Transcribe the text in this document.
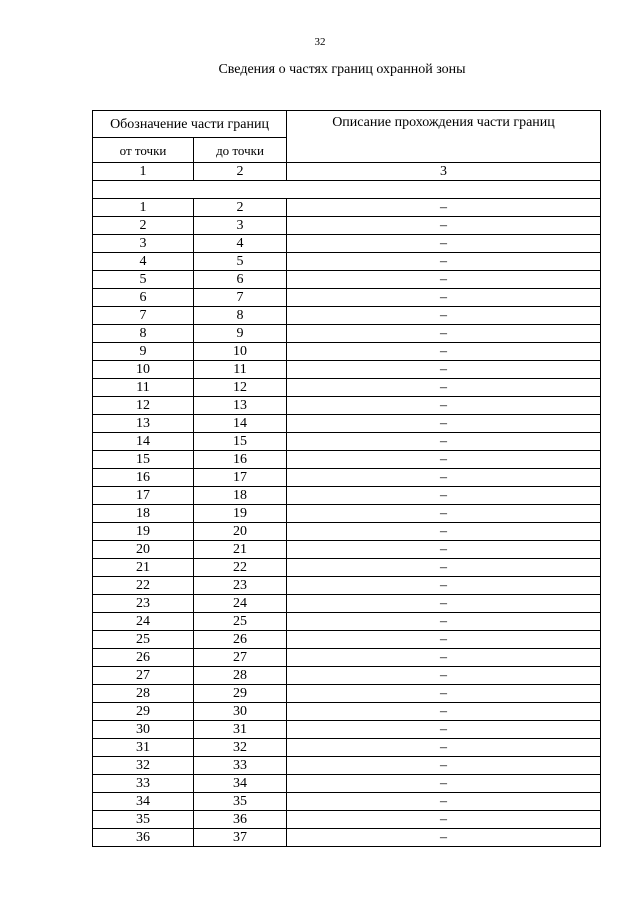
32
Сведения о частях границ охранной зоны
Обозначение части границ		Описание прохождения части границ
от точки	до точки	
1	2	3

1	2	–
2	3	–
3	4	–
4	5	–
5	6	–
6	7	–
7	8	–
8	9	–
9	10	–
10	11	–
11	12	–
12	13	–
13	14	–
14	15	–
15	16	–
16	17	–
17	18	–
18	19	–
19	20	–
20	21	–
21	22	–
22	23	–
23	24	–
24	25	–
25	26	–
26	27	–
27	28	–
28	29	–
29	30	–
30	31	–
31	32	–
32	33	–
33	34	–
34	35	–
35	36	–
36	37	–
